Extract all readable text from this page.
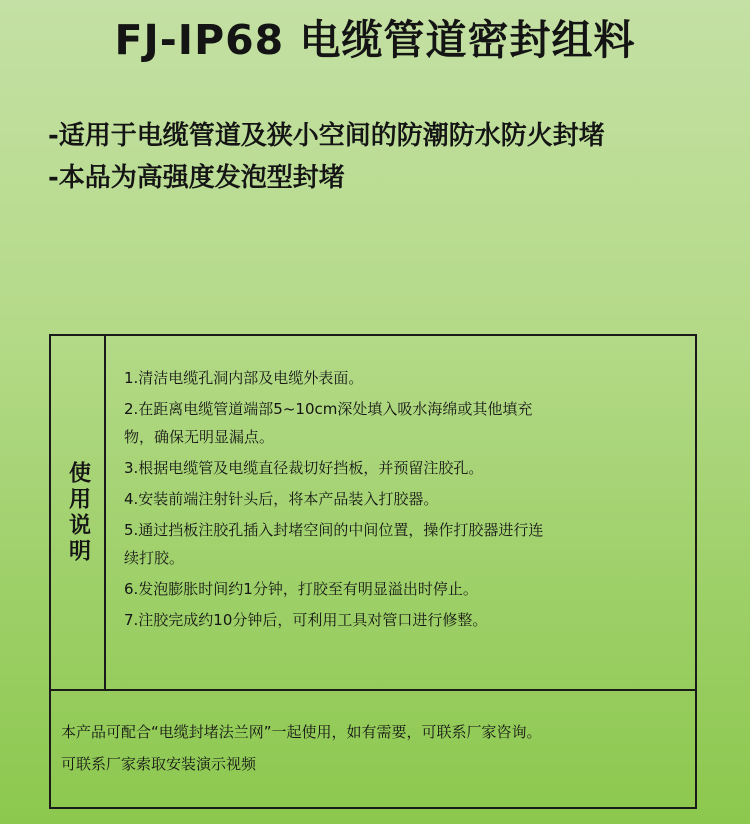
FJ-IP68 电缆管道密封组料
-适用于电缆管道及狭小空间的防潮防水防火封堵
-本品为高强度发泡型封堵
使用说明
1.清洁电缆孔洞内部及电缆外表面。
2.在距离电缆管道端部5~10cm深处填入吸水海绵或其他填充
物，确保无明显漏点。
3.根据电缆管及电缆直径裁切好挡板，并预留注胶孔。
4.安装前端注射针头后，将本产品装入打胶器。
5.通过挡板注胶孔插入封堵空间的中间位置，操作打胶器进行连
续打胶。
6.发泡膨胀时间约1分钟，打胶至有明显溢出时停止。
7.注胶完成约10分钟后，可利用工具对管口进行修整。
本产品可配合“电缆封堵法兰网”一起使用，如有需要，可联系厂家咨询。
可联系厂家索取安装演示视频
